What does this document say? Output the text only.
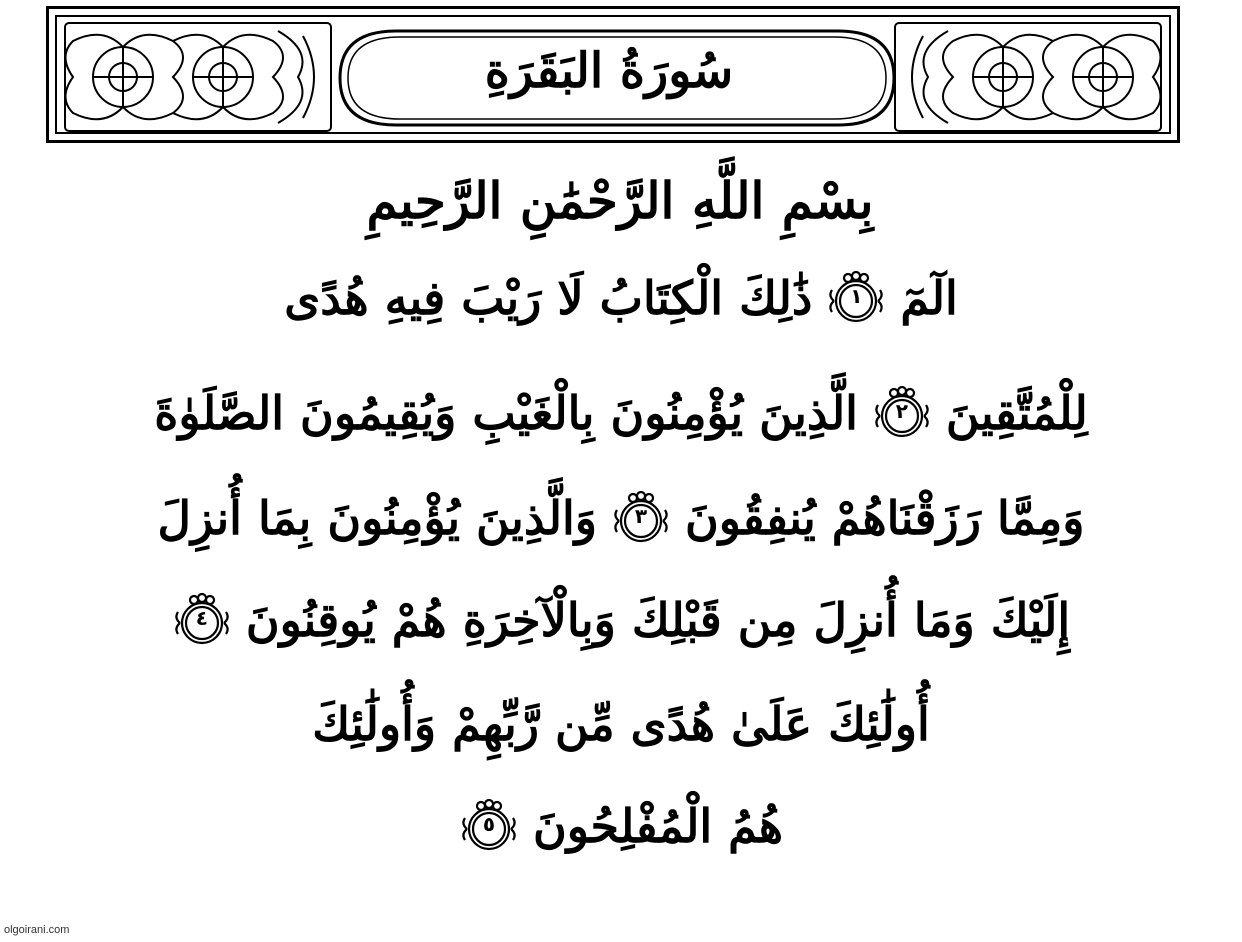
سُورَةُ البَقَرَةِ
بِسْمِ اللَّهِ الرَّحْمَٰنِ الرَّحِيمِ
الٓمٓ
١
ذَٰلِكَ الْكِتَابُ لَا رَيْبَ فِيهِ هُدًى
لِلْمُتَّقِينَ
٢
الَّذِينَ يُؤْمِنُونَ بِالْغَيْبِ وَيُقِيمُونَ الصَّلَوٰةَ
وَمِمَّا رَزَقْنَاهُمْ يُنفِقُونَ
٣
وَالَّذِينَ يُؤْمِنُونَ بِمَا أُنزِلَ
إِلَيْكَ وَمَا أُنزِلَ مِن قَبْلِكَ وَبِالْآخِرَةِ هُمْ يُوقِنُونَ
٤
أُولَٰئِكَ عَلَىٰ هُدًى مِّن رَّبِّهِمْ وَأُولَٰئِكَ
هُمُ الْمُفْلِحُونَ
٥
olgoirani.com
